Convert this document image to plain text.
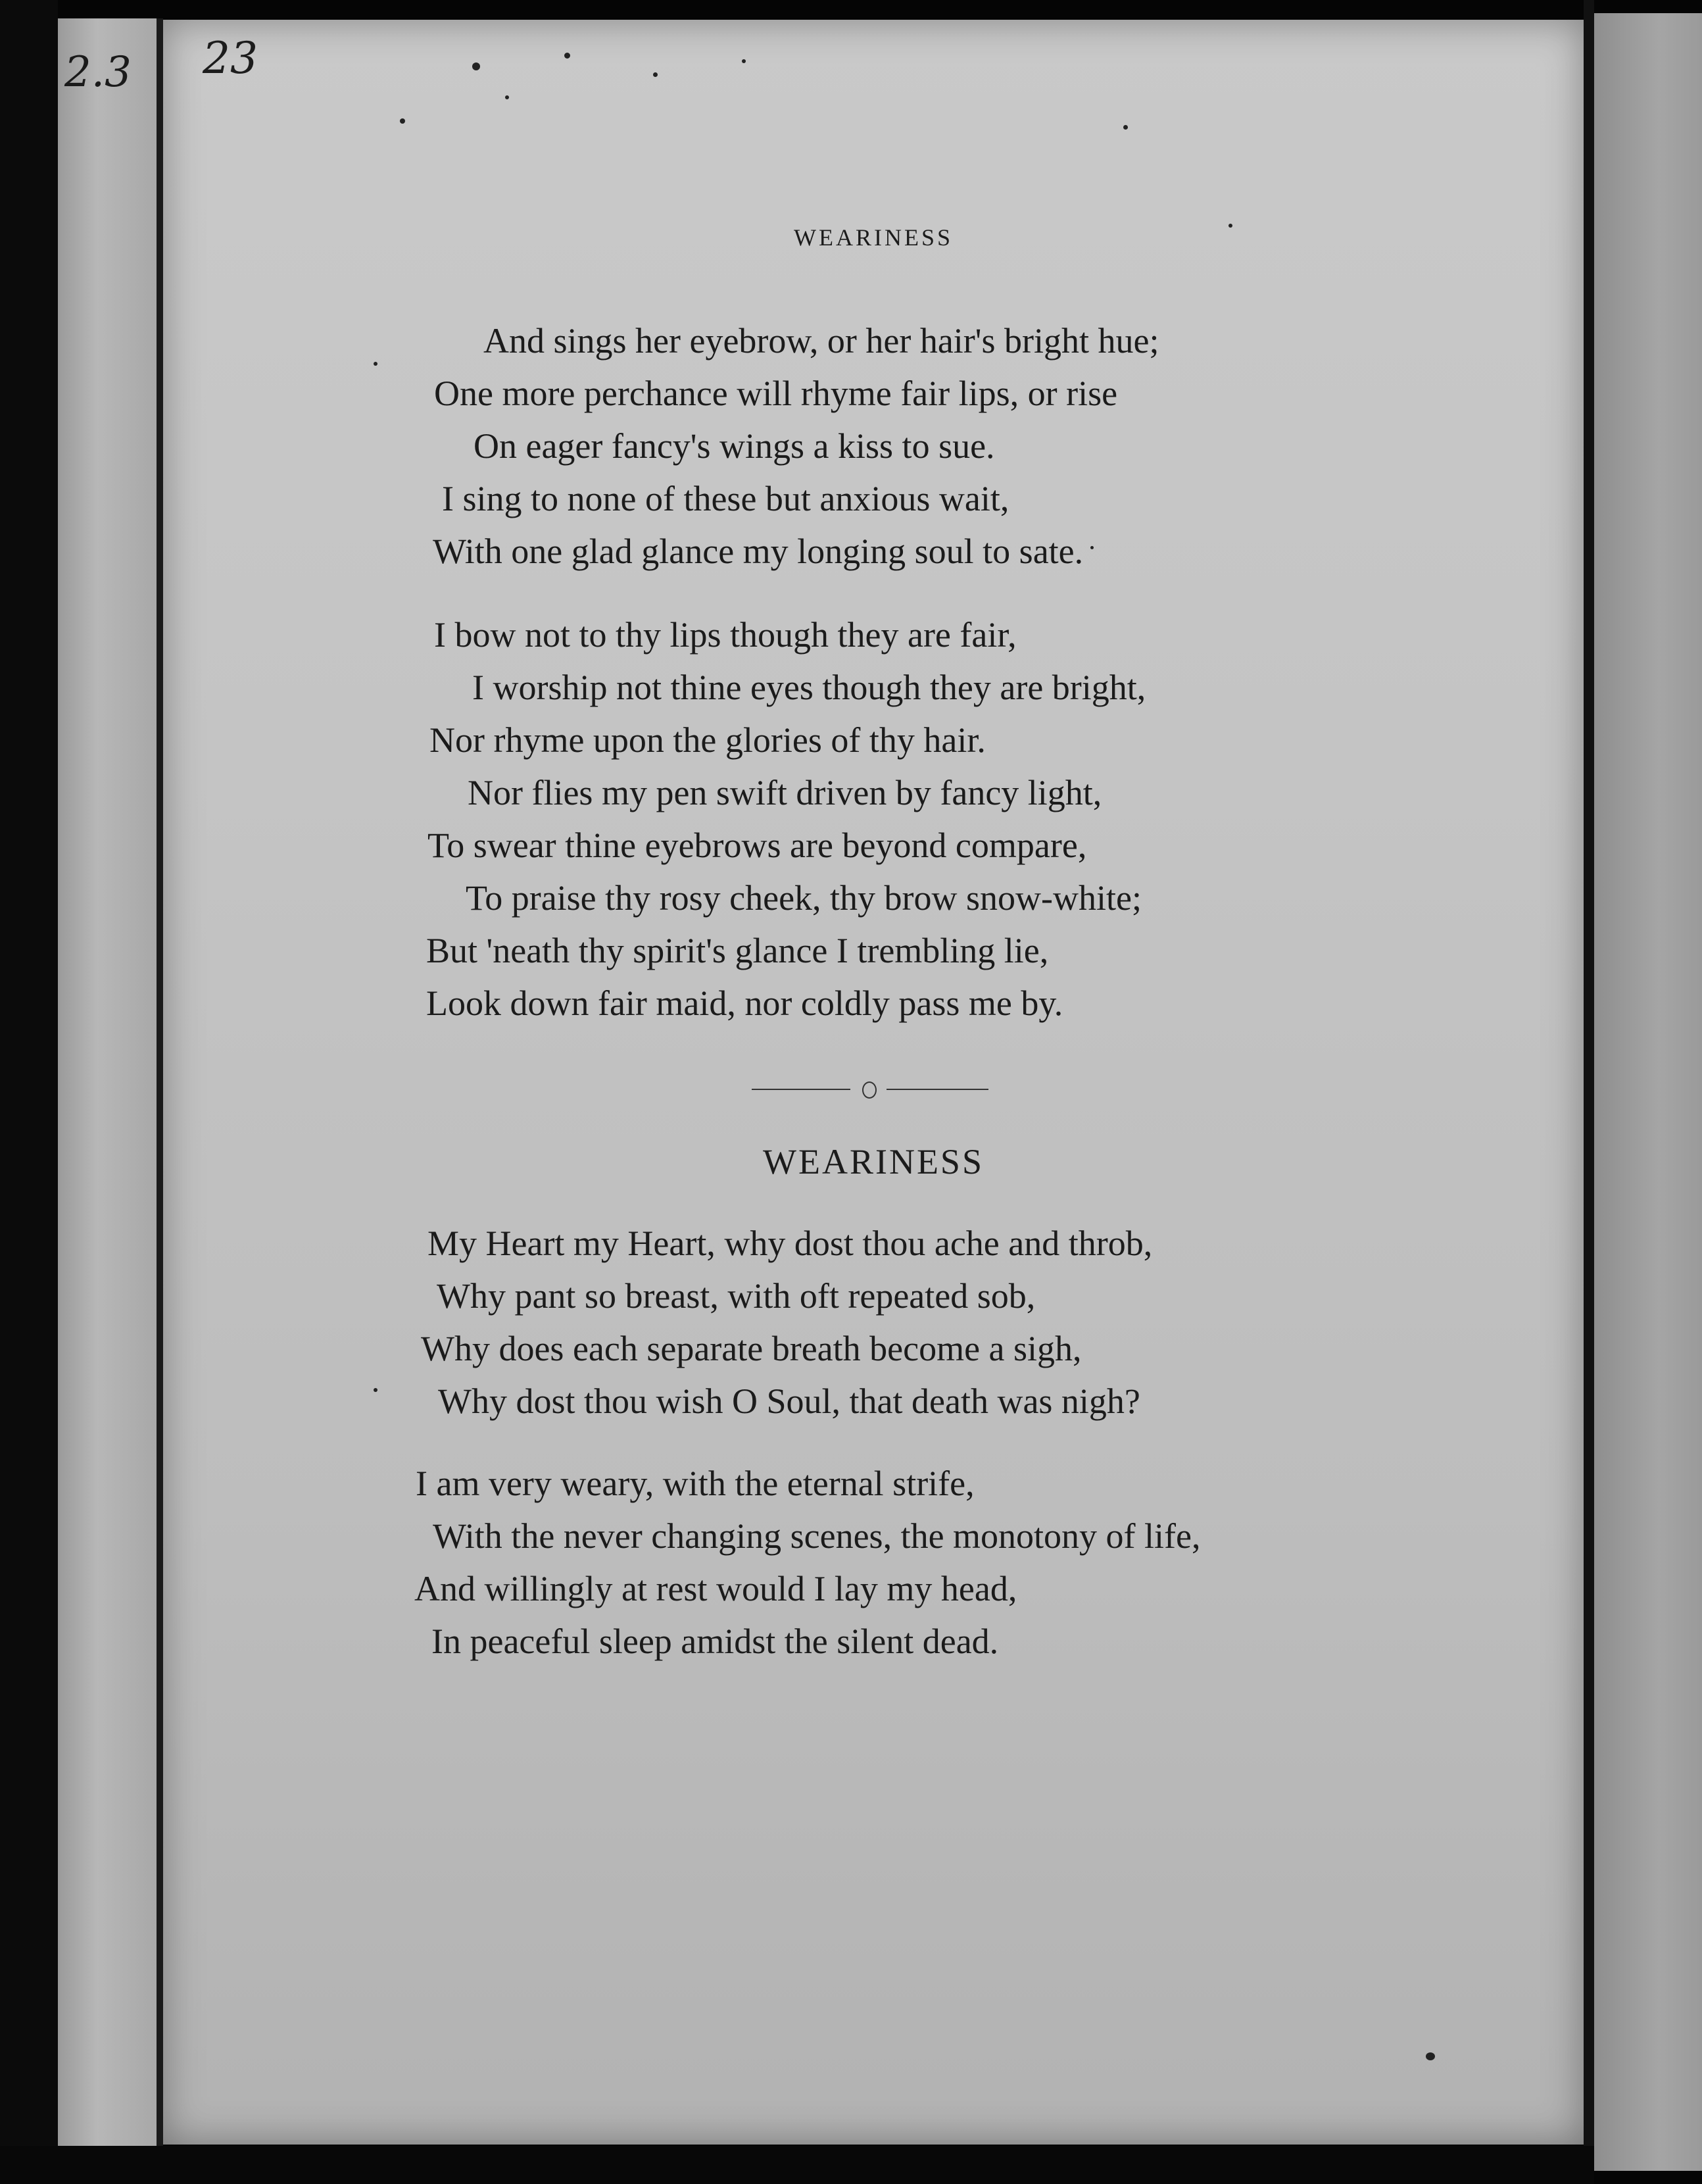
2.3 23
WEARINESS
And sings her eyebrow, or her hair's bright hue;
One more perchance will rhyme fair lips, or rise
On eager fancy's wings a kiss to sue.
I sing to none of these but anxious wait,
With one glad glance my longing soul to sate.
I bow not to thy lips though they are fair,
I worship not thine eyes though they are bright,
Nor rhyme upon the glories of thy hair.
Nor flies my pen swift driven by fancy light,
To swear thine eyebrows are beyond compare,
To praise thy rosy cheek, thy brow snow-white;
But 'neath thy spirit's glance I trembling lie,
Look down fair maid, nor coldly pass me by.
WEARINESS
My Heart my Heart, why dost thou ache and throb,
Why pant so breast, with oft repeated sob,
Why does each separate breath become a sigh,
Why dost thou wish O Soul, that death was nigh?
I am very weary, with the eternal strife,
With the never changing scenes, the monotony of life,
And willingly at rest would I lay my head,
In peaceful sleep amidst the silent dead.
